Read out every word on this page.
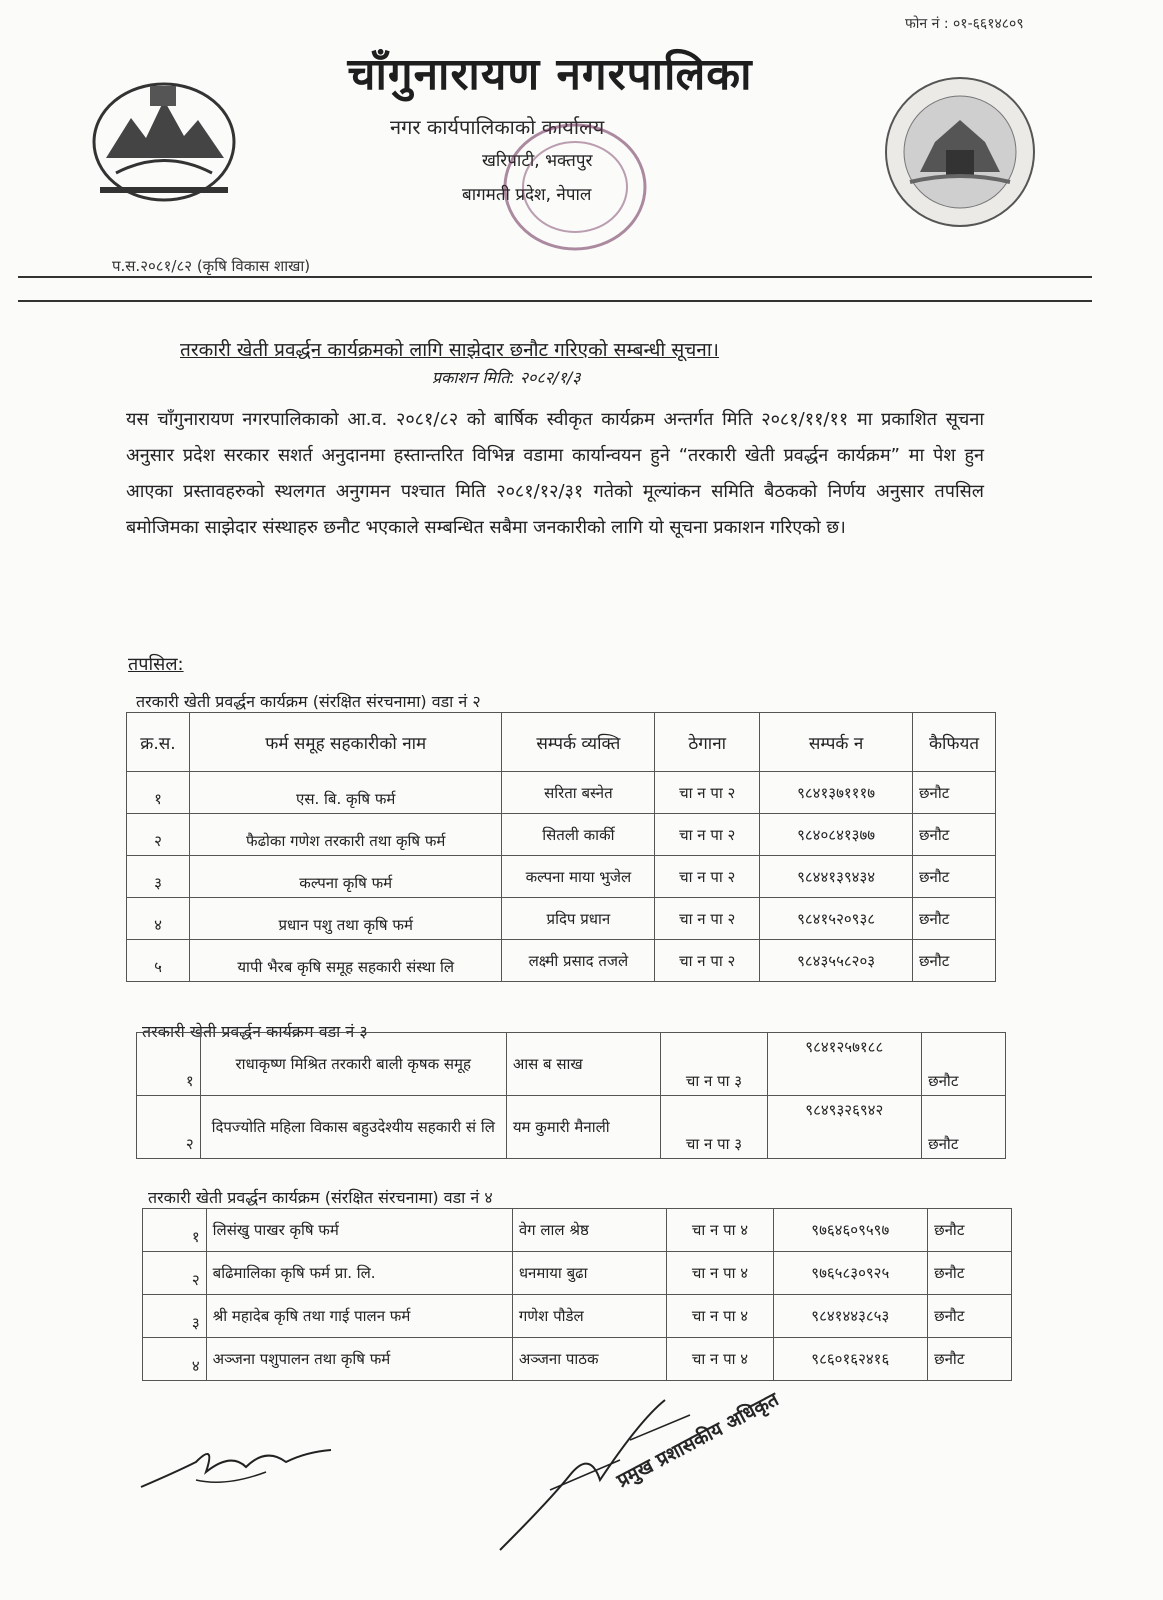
फोन नं : ०१-६६१४८०९
चाँगुनारायण नगरपालिका
नगर कार्यपालिकाको कार्यालय
खरिपाटी, भक्तपुर
बागमती प्रदेश, नेपाल
प.स.२०८१/८२ (कृषि विकास शाखा)
तरकारी खेती प्रवर्द्धन कार्यक्रमको लागि साझेदार छनौट गरिएको सम्बन्धी सूचना।
प्रकाशन मिति: २०८२/१/३
यस चाँगुनारायण नगरपालिकाको आ.व. २०८१/८२ को बार्षिक स्वीकृत कार्यक्रम अन्तर्गत मिति २०८१/११/११ मा प्रकाशित सूचना अनुसार प्रदेश सरकार सशर्त अनुदानमा हस्तान्तरित विभिन्न वडामा कार्यान्वयन हुने “तरकारी खेती प्रवर्द्धन कार्यक्रम” मा पेश हुन आएका प्रस्तावहरुको स्थलगत अनुगमन पश्चात मिति २०८१/१२/३१ गतेको मूल्यांकन समिति बैठकको निर्णय अनुसार तपसिल बमोजिमका साझेदार संस्थाहरु छनौट भएकाले सम्बन्धित सबैमा जनकारीको लागि यो सूचना प्रकाशन गरिएको छ।
तपसिल:
तरकारी खेती प्रवर्द्धन कार्यक्रम (संरक्षित संरचनामा) वडा नं २
क्र.स.	फर्म समूह सहकारीको नाम	सम्पर्क व्यक्ति	ठेगाना	सम्पर्क न	कैफियत
१	एस. बि. कृषि फर्म	सरिता बस्नेत	चा न पा २	९८४१३७१११७	छनौट
२	फैढोका गणेश तरकारी तथा कृषि फर्म	सितली कार्की	चा न पा २	९८४०८४१३७७	छनौट
३	कल्पना कृषि फर्म	कल्पना माया भुजेल	चा न पा २	९८४४१३९४३४	छनौट
४	प्रधान पशु तथा कृषि फर्म	प्रदिप प्रधान	चा न पा २	९८४१५२०९३८	छनौट
५	यापी भैरब कृषि समूह सहकारी संस्था लि	लक्ष्मी प्रसाद तजले	चा न पा २	९८४३५५८२०३	छनौट
तरकारी खेती प्रवर्द्धन कार्यक्रम वडा नं ३
१	राधाकृष्ण मिश्रित तरकारी बाली कृषक समूह	आस ब साख	चा न पा ३	९८४१२५७१८८	छनौट
२	दिपज्योति महिला विकास बहुउदेश्यीय सहकारी सं लि	यम कुमारी मैनाली	चा न पा ३	९८४९३२६९४२	छनौट
तरकारी खेती प्रवर्द्धन कार्यक्रम (संरक्षित संरचनामा) वडा नं ४
१	लिसंखु पाखर कृषि फर्म	वेग लाल श्रेष्ठ	चा न पा ४	९७६४६०९५९७	छनौट
२	बढिमालिका कृषि फर्म प्रा. लि.	धनमाया बुढा	चा न पा ४	९७६५८३०९२५	छनौट
३	श्री महादेब कृषि तथा गाई पालन फर्म	गणेश पौडेल	चा न पा ४	९८४१४४३८५३	छनौट
४	अञ्जना पशुपालन तथा कृषि फर्म	अञ्जना पाठक	चा न पा ४	९८६०१६२४१६	छनौट
प्रमुख प्रशासकीय अधिकृत
